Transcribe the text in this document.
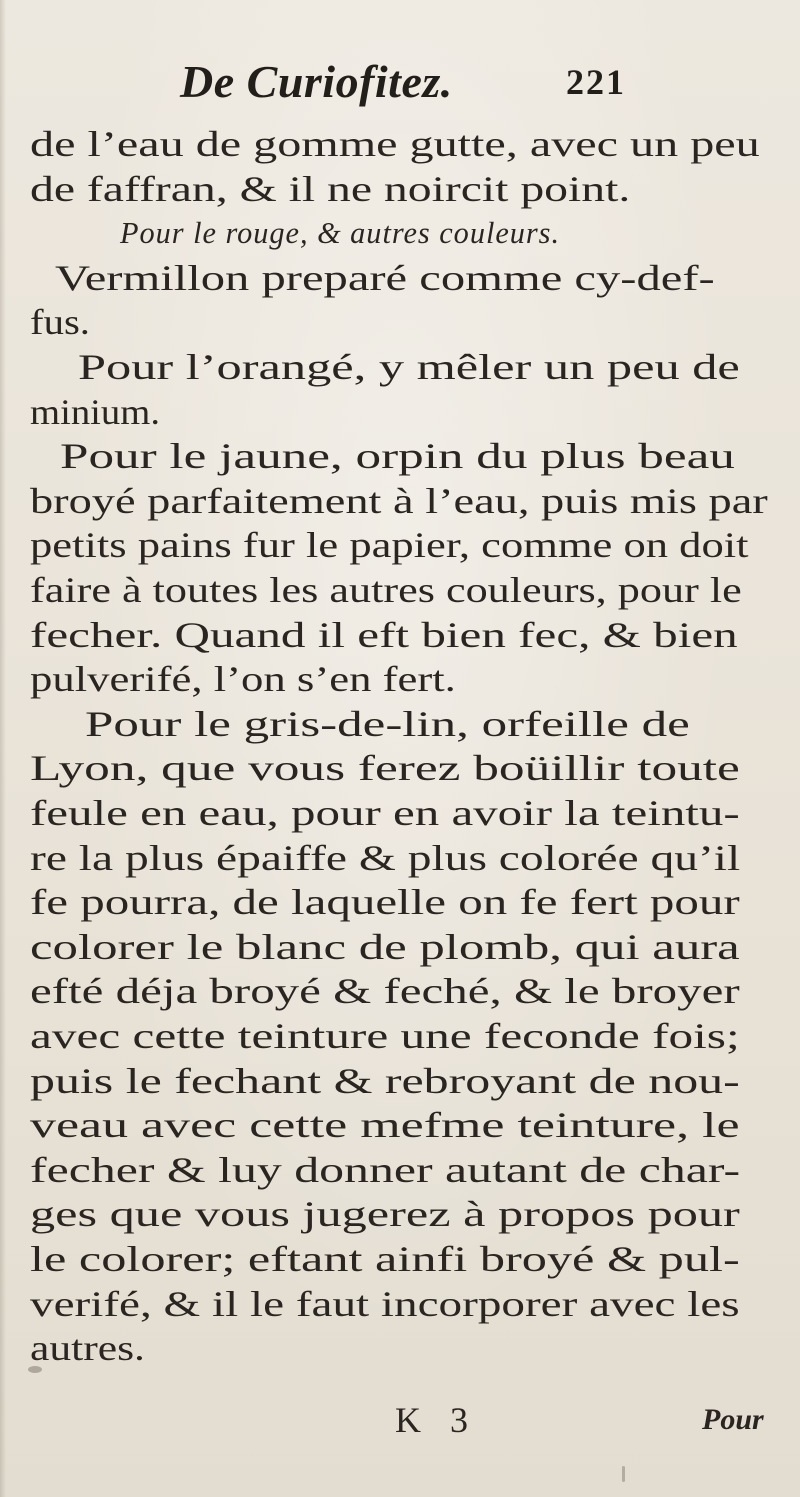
De Curiofitez.	221
de l’eau de gomme gutte, avec un peu
de faffran, & il ne noircit point.
Pour le rouge, & autres couleurs.
Vermillon preparé comme cy-def-
fus.
Pour l’orangé, y mêler un peu de
minium.
Pour le jaune, orpin du plus beau
broyé parfaitement à l’eau, puis mis par
petits pains fur le papier, comme on doit
faire à toutes les autres couleurs, pour le
fecher. Quand il eft bien fec, & bien
pulverifé, l’on s’en fert.
Pour le gris-de-lin, orfeille de
Lyon, que vous ferez boüillir toute
feule en eau, pour en avoir la teintu-
re la plus épaiffe & plus colorée qu’il
fe pourra, de laquelle on fe fert pour
colorer le blanc de plomb, qui aura
efté déja broyé & feché, & le broyer
avec cette teinture une feconde fois;
puis le fechant & rebroyant de nou-
veau avec cette mefme teinture, le
fecher & luy donner autant de char-
ges que vous jugerez à propos pour
le colorer; eftant ainfi broyé & pul-
verifé, & il le faut incorporer avec les
autres.
K 3	Pour
